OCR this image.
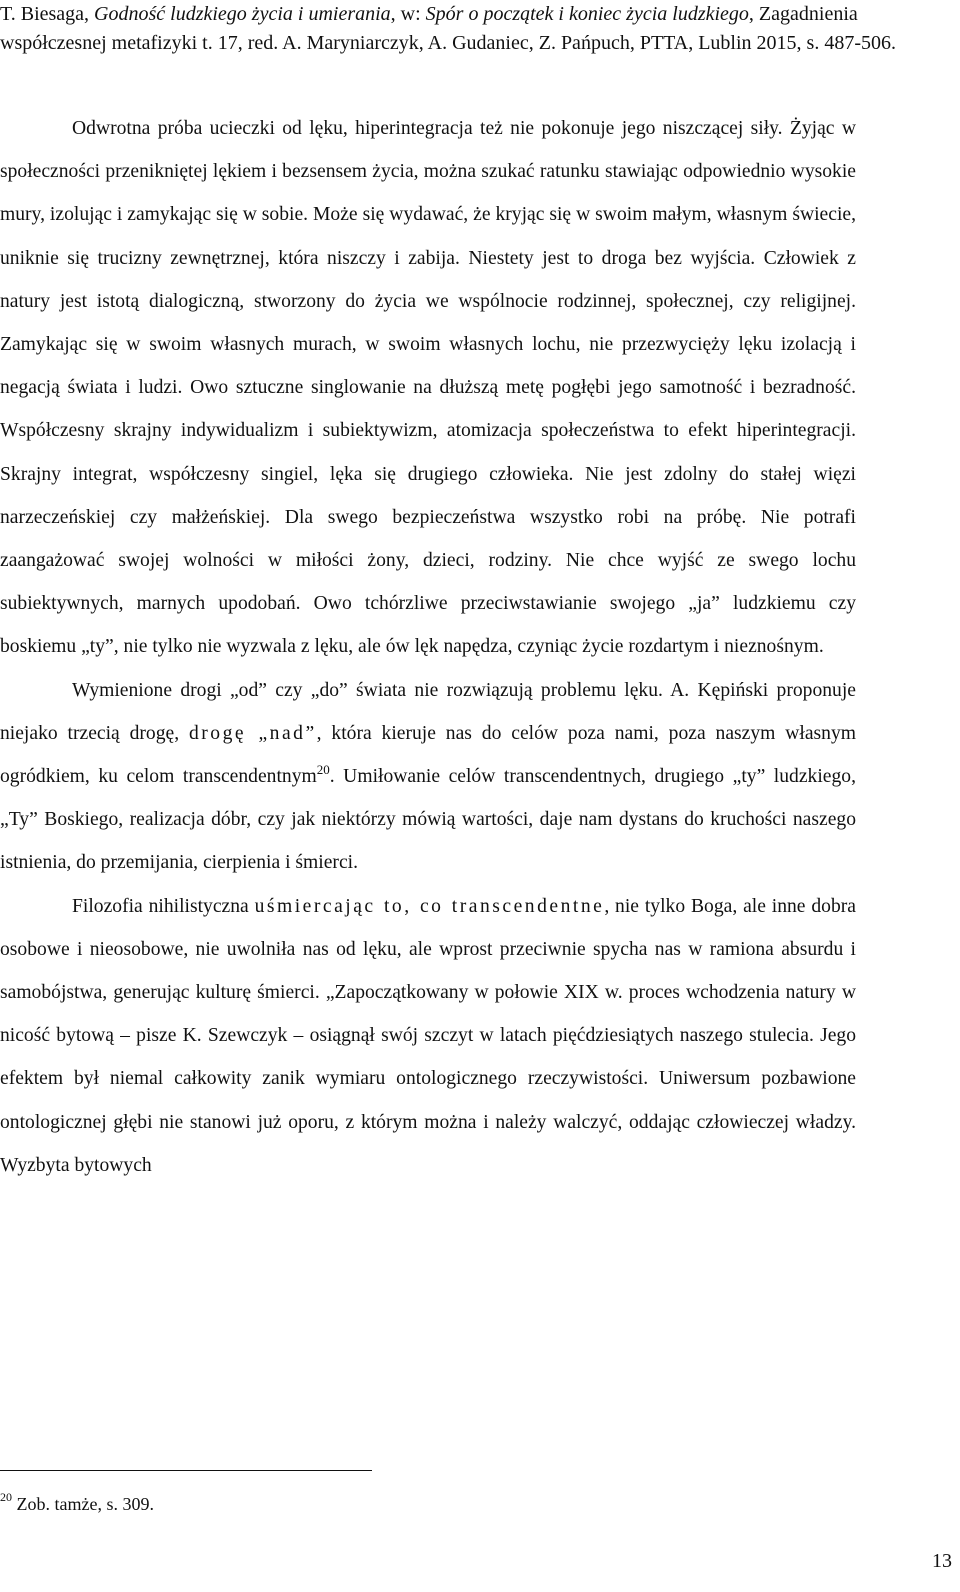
T. Biesaga, Godność ludzkiego życia i umierania, w: Spór o początek i koniec życia ludzkiego, Zagadnienia współczesnej metafizyki t. 17, red. A. Maryniarczyk, A. Gudaniec, Z. Pańpuch, PTTA, Lublin 2015, s. 487-506.

Odwrotna próba ucieczki od lęku, hiperintegracja też nie pokonuje jego niszczącej siły. Żyjąc w społeczności przenikniętej lękiem i bezsensem życia, można szukać ratunku stawiając odpowiednio wysokie mury, izolując i zamykając się w sobie. Może się wydawać, że kryjąc się w swoim małym, własnym świecie, uniknie się trucizny zewnętrznej, która niszczy i zabija. Niestety jest to droga bez wyjścia. Człowiek z natury jest istotą dialogiczną, stworzony do życia we wspólnocie rodzinnej, społecznej, czy religijnej. Zamykając się w swoim własnych murach, w swoim własnych lochu, nie przezwycięży lęku izolacją i negacją świata i ludzi. Owo sztuczne singlowanie na dłuższą metę pogłębi jego samotność i bezradność. Współczesny skrajny indywidualizm i subiektywizm, atomizacja społeczeństwa to efekt hiperintegracji. Skrajny integrat, współczesny singiel, lęka się drugiego człowieka. Nie jest zdolny do stałej więzi narzeczeńskiej czy małżeńskiej. Dla swego bezpieczeństwa wszystko robi na próbę. Nie potrafi zaangażować swojej wolności w miłości żony, dzieci, rodziny. Nie chce wyjść ze swego lochu subiektywnych, marnych upodobań. Owo tchórzliwe przeciwstawianie swojego „ja” ludzkiemu czy boskiemu „ty”, nie tylko nie wyzwala z lęku, ale ów lęk napędza, czyniąc życie rozdartym i nieznośnym.

Wymienione drogi „od” czy „do” świata nie rozwiązują problemu lęku. A. Kępiński proponuje niejako trzecią drogę, drogę „nad”, która kieruje nas do celów poza nami, poza naszym własnym ogródkiem, ku celom transcendentnym$^{20}$. Umiłowanie celów transcendentnych, drugiego „ty” ludzkiego, „Ty” Boskiego, realizacja dóbr, czy jak niektórzy mówią wartości, daje nam dystans do kruchości naszego istnienia, do przemijania, cierpienia i śmierci.

Filozofia nihilistyczna uśmiercając to, co transcendentne, nie tylko Boga, ale inne dobra osobowe i nieosobowe, nie uwolniła nas od lęku, ale wprost przeciwnie spycha nas w ramiona absurdu i samobójstwa, generując kulturę śmierci. „Zapoczątkowany w połowie XIX w. proces wchodzenia natury w nicość bytową – pisze K. Szewczyk – osiągnął swój szczyt w latach pięćdziesiątych naszego stulecia. Jego efektem był niemal całkowity zanik wymiaru ontologicznego rzeczywistości. Uniwersum pozbawione ontologicznej głębi nie stanowi już oporu, z którym można i należy walczyć, oddając człowieczej władzy. Wyzbyta bytowych

$^{20}$ Zob. tamże, s. 309.
13
